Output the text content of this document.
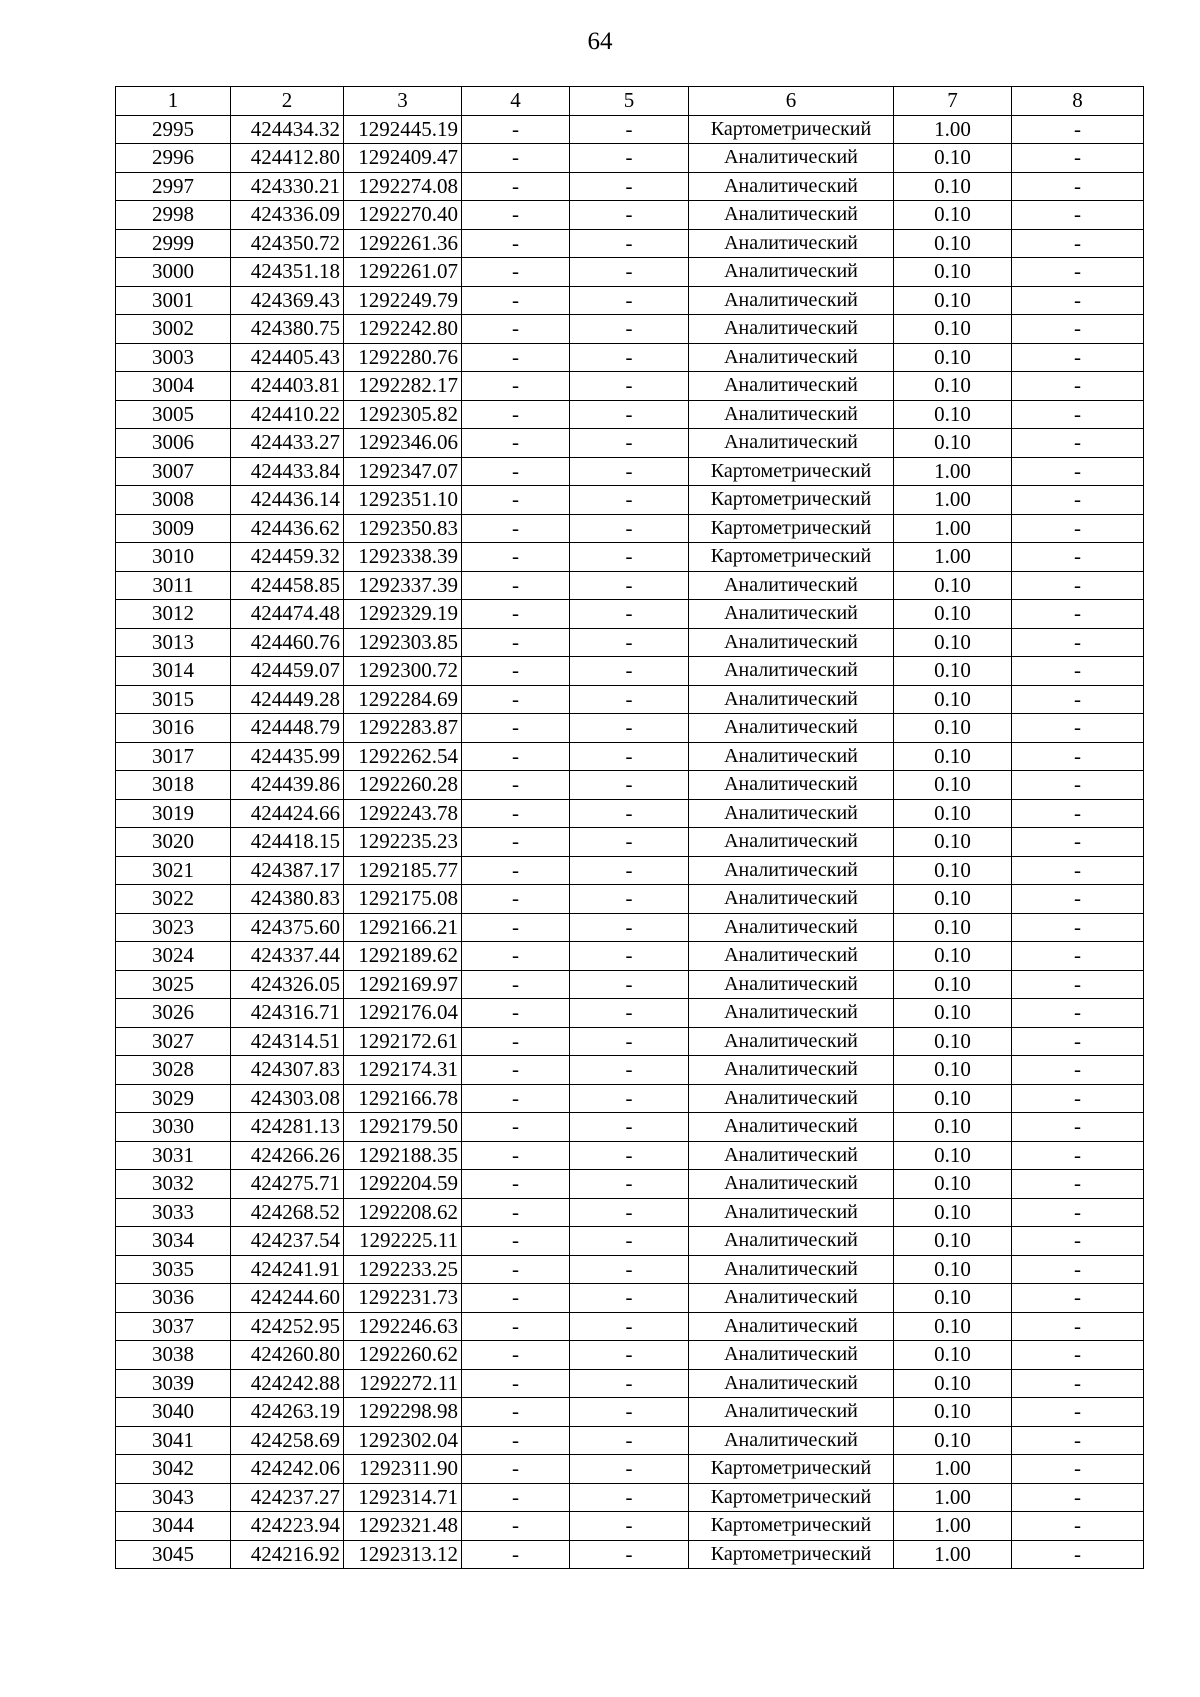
64
1	2	3	4	5	6	7	8
2995	424434.32	1292445.19	-	-	Картометрический	1.00	-
2996	424412.80	1292409.47	-	-	Аналитический	0.10	-
2997	424330.21	1292274.08	-	-	Аналитический	0.10	-
2998	424336.09	1292270.40	-	-	Аналитический	0.10	-
2999	424350.72	1292261.36	-	-	Аналитический	0.10	-
3000	424351.18	1292261.07	-	-	Аналитический	0.10	-
3001	424369.43	1292249.79	-	-	Аналитический	0.10	-
3002	424380.75	1292242.80	-	-	Аналитический	0.10	-
3003	424405.43	1292280.76	-	-	Аналитический	0.10	-
3004	424403.81	1292282.17	-	-	Аналитический	0.10	-
3005	424410.22	1292305.82	-	-	Аналитический	0.10	-
3006	424433.27	1292346.06	-	-	Аналитический	0.10	-
3007	424433.84	1292347.07	-	-	Картометрический	1.00	-
3008	424436.14	1292351.10	-	-	Картометрический	1.00	-
3009	424436.62	1292350.83	-	-	Картометрический	1.00	-
3010	424459.32	1292338.39	-	-	Картометрический	1.00	-
3011	424458.85	1292337.39	-	-	Аналитический	0.10	-
3012	424474.48	1292329.19	-	-	Аналитический	0.10	-
3013	424460.76	1292303.85	-	-	Аналитический	0.10	-
3014	424459.07	1292300.72	-	-	Аналитический	0.10	-
3015	424449.28	1292284.69	-	-	Аналитический	0.10	-
3016	424448.79	1292283.87	-	-	Аналитический	0.10	-
3017	424435.99	1292262.54	-	-	Аналитический	0.10	-
3018	424439.86	1292260.28	-	-	Аналитический	0.10	-
3019	424424.66	1292243.78	-	-	Аналитический	0.10	-
3020	424418.15	1292235.23	-	-	Аналитический	0.10	-
3021	424387.17	1292185.77	-	-	Аналитический	0.10	-
3022	424380.83	1292175.08	-	-	Аналитический	0.10	-
3023	424375.60	1292166.21	-	-	Аналитический	0.10	-
3024	424337.44	1292189.62	-	-	Аналитический	0.10	-
3025	424326.05	1292169.97	-	-	Аналитический	0.10	-
3026	424316.71	1292176.04	-	-	Аналитический	0.10	-
3027	424314.51	1292172.61	-	-	Аналитический	0.10	-
3028	424307.83	1292174.31	-	-	Аналитический	0.10	-
3029	424303.08	1292166.78	-	-	Аналитический	0.10	-
3030	424281.13	1292179.50	-	-	Аналитический	0.10	-
3031	424266.26	1292188.35	-	-	Аналитический	0.10	-
3032	424275.71	1292204.59	-	-	Аналитический	0.10	-
3033	424268.52	1292208.62	-	-	Аналитический	0.10	-
3034	424237.54	1292225.11	-	-	Аналитический	0.10	-
3035	424241.91	1292233.25	-	-	Аналитический	0.10	-
3036	424244.60	1292231.73	-	-	Аналитический	0.10	-
3037	424252.95	1292246.63	-	-	Аналитический	0.10	-
3038	424260.80	1292260.62	-	-	Аналитический	0.10	-
3039	424242.88	1292272.11	-	-	Аналитический	0.10	-
3040	424263.19	1292298.98	-	-	Аналитический	0.10	-
3041	424258.69	1292302.04	-	-	Аналитический	0.10	-
3042	424242.06	1292311.90	-	-	Картометрический	1.00	-
3043	424237.27	1292314.71	-	-	Картометрический	1.00	-
3044	424223.94	1292321.48	-	-	Картометрический	1.00	-
3045	424216.92	1292313.12	-	-	Картометрический	1.00	-
